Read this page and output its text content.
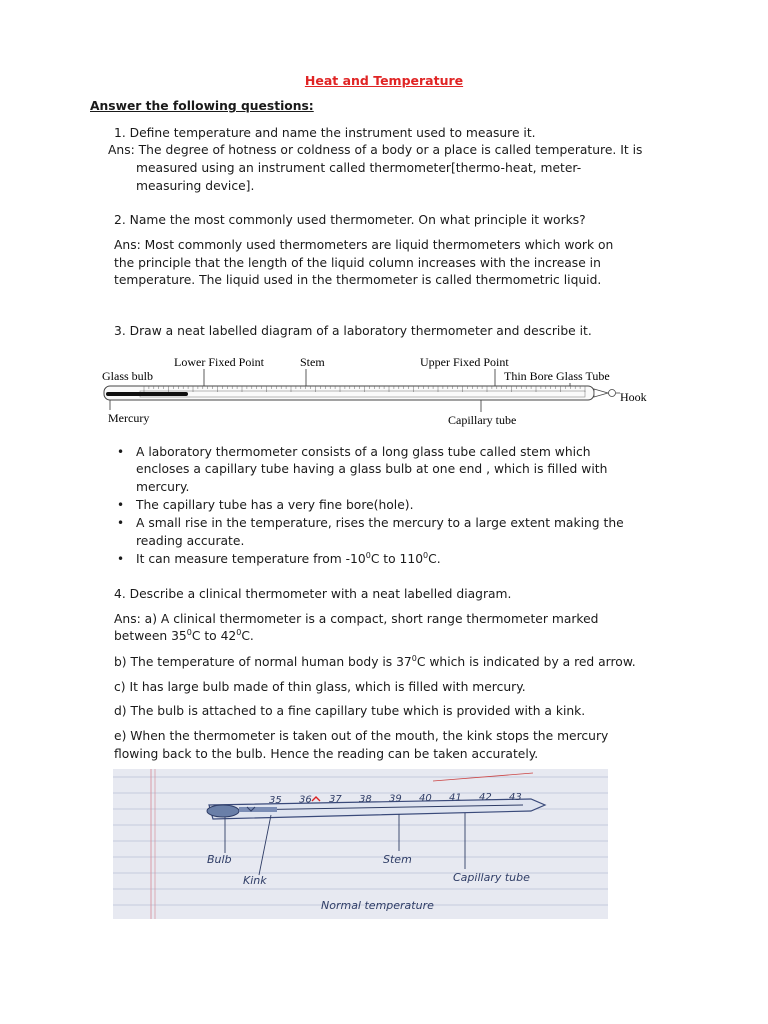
Heat and Temperature
Answer the following questions:
1. Define temperature and name the instrument used to measure it.
Ans: The degree of hotness or coldness of a body or a place is called temperature. It is
measured using an instrument called thermometer[thermo-heat, meter-
measuring device].
2. Name the most commonly used thermometer. On what principle it works?
Ans: Most commonly used thermometers are liquid thermometers which work on
the principle that the length of the liquid column increases with the increase in
temperature. The liquid used in the thermometer is called thermometric liquid.
3. Draw a neat labelled diagram of a laboratory thermometer and describe it.
Lower Fixed Point	Stem	Upper Fixed Point
Glass bulb	Thin Bore Glass Tube
Hook
Mercury	Capillary tube
• A laboratory thermometer consists of a long glass tube called stem which
encloses a capillary tube having a glass bulb at one end , which is filled with
mercury.
• The capillary tube has a very fine bore(hole).
• A small rise in the temperature, rises the mercury to a large extent making the
reading accurate.
• It can measure temperature from $-10^0C$ to $110^0C$.
4. Describe a clinical thermometer with a neat labelled diagram.
Ans: a) A clinical thermometer is a compact, short range thermometer marked
between $35^0C$ to $42^0C$.
b) The temperature of normal human body is $37^0C$ which is indicated by a red arrow.
c) It has large bulb made of thin glass, which is filled with mercury.
d) The bulb is attached to a fine capillary tube which is provided with a kink.
e) When the thermometer is taken out of the mouth, the kink stops the mercury
flowing back to the bulb. Hence the reading can be taken accurately.
35 36 37 38 39 40 41 42 43
Bulb
Kink
Stem
Capillary tube
Normal temperature
